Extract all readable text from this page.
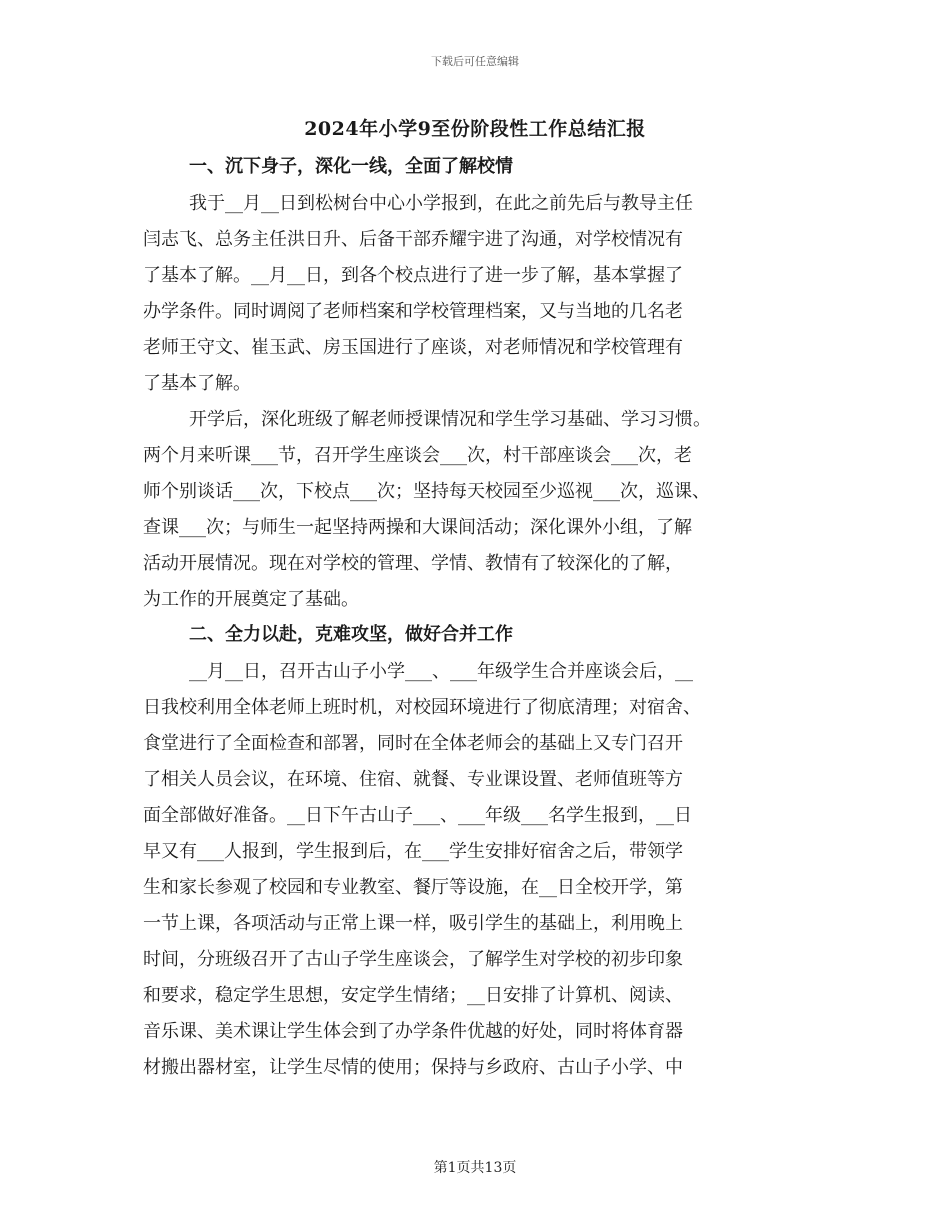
下载后可任意编辑
2024年小学9至份阶段性工作总结汇报
一、沉下身子，深化一线，全面了解校情
我于__月__日到松树台中心小学报到，在此之前先后与教导主任
闫志飞、总务主任洪日升、后备干部乔耀宇进了沟通，对学校情况有
了基本了解。__月__日，到各个校点进行了进一步了解，基本掌握了
办学条件。同时调阅了老师档案和学校管理档案，又与当地的几名老
老师王守文、崔玉武、房玉国进行了座谈，对老师情况和学校管理有
了基本了解。
开学后，深化班级了解老师授课情况和学生学习基础、学习习惯。
两个月来听课___节，召开学生座谈会___次，村干部座谈会___次，老
师个别谈话___次，下校点___次；坚持每天校园至少巡视___次，巡课、
查课___次；与师生一起坚持两操和大课间活动；深化课外小组，了解
活动开展情况。现在对学校的管理、学情、教情有了较深化的了解，
为工作的开展奠定了基础。
二、全力以赴，克难攻坚，做好合并工作
__月__日，召开古山子小学___、___年级学生合并座谈会后，__
日我校利用全体老师上班时机，对校园环境进行了彻底清理；对宿舍、
食堂进行了全面检查和部署，同时在全体老师会的基础上又专门召开
了相关人员会议，在环境、住宿、就餐、专业课设置、老师值班等方
面全部做好准备。__日下午古山子___、___年级___名学生报到，__日
早又有___人报到，学生报到后，在___学生安排好宿舍之后，带领学
生和家长参观了校园和专业教室、餐厅等设施，在__日全校开学，第
一节上课，各项活动与正常上课一样，吸引学生的基础上，利用晚上
时间，分班级召开了古山子学生座谈会，了解学生对学校的初步印象
和要求，稳定学生思想，安定学生情绪；__日安排了计算机、阅读、
音乐课、美术课让学生体会到了办学条件优越的好处，同时将体育器
材搬出器材室，让学生尽情的使用；保持与乡政府、古山子小学、中
第1页共13页
